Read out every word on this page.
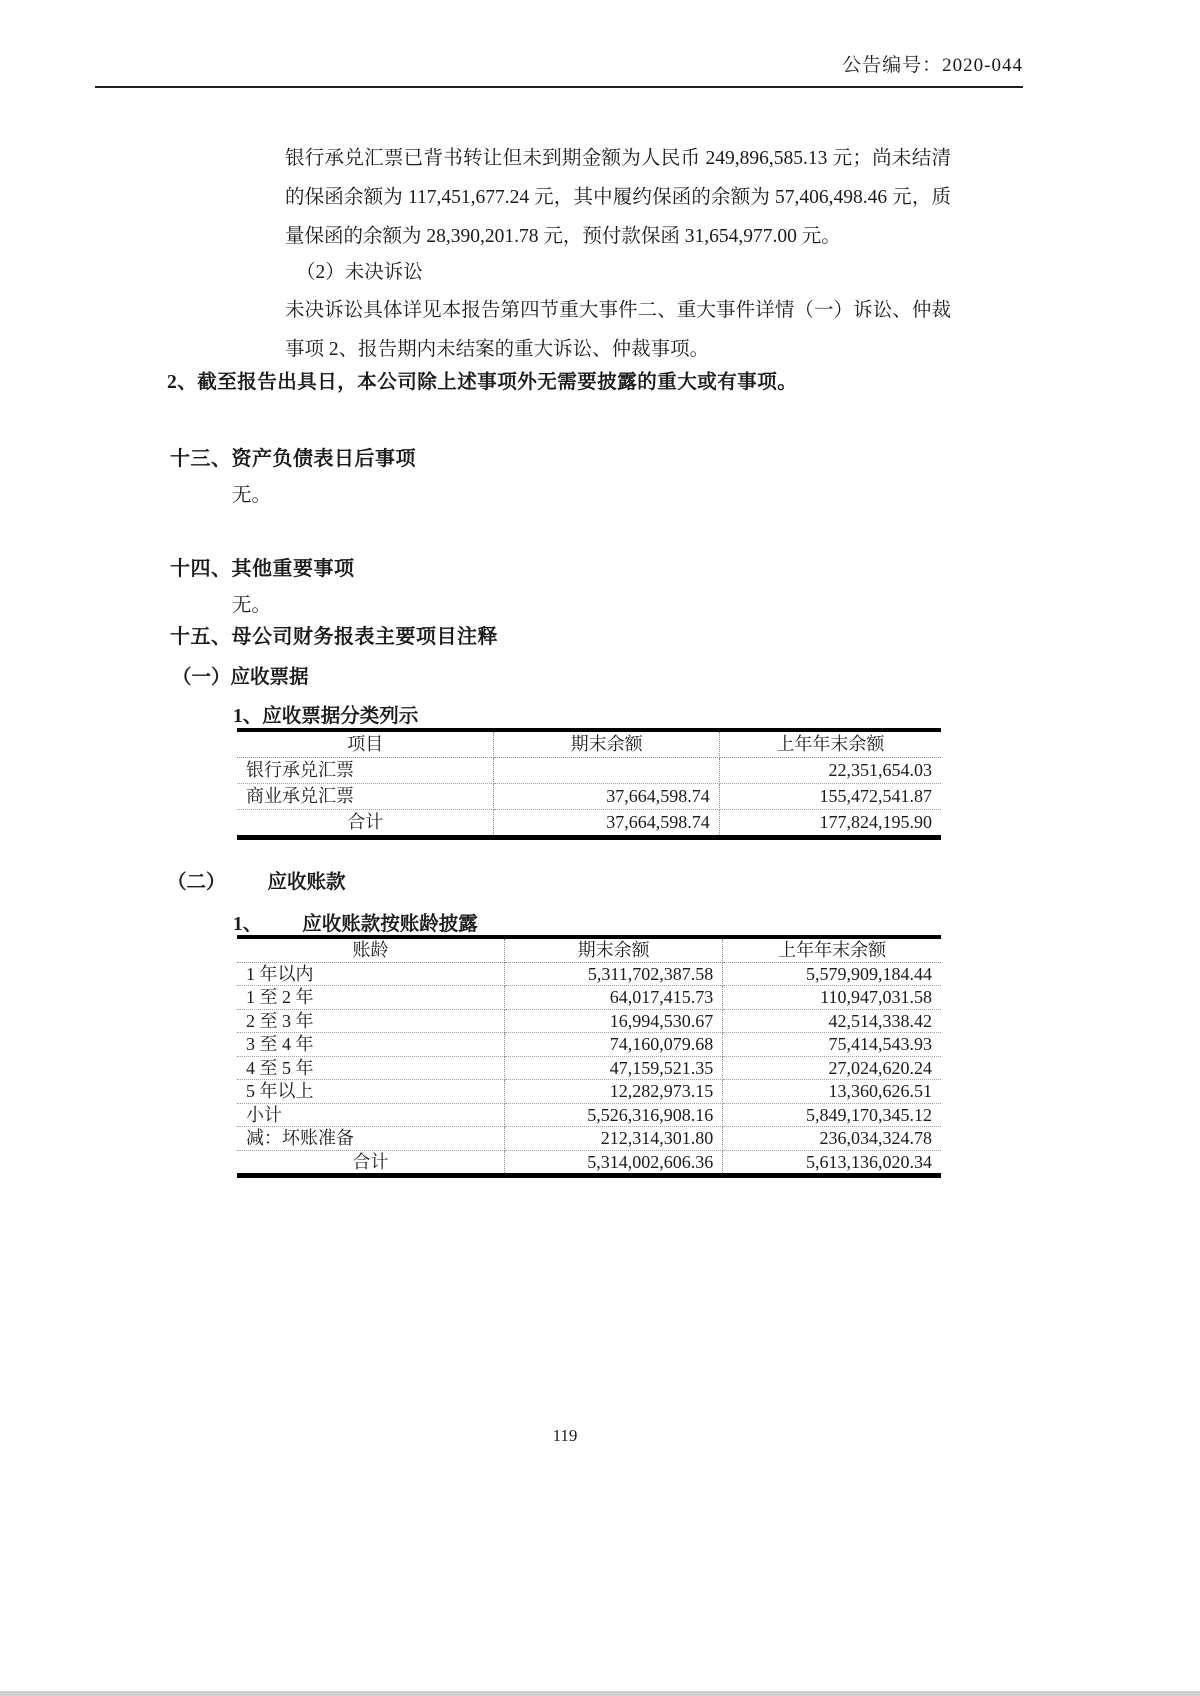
公告编号：2020-044

银行承兑汇票已背书转让但未到期金额为人民币 249,896,585.13 元；尚未结清的保函余额为 117,451,677.24 元，其中履约保函的余额为 57,406,498.46 元，质量保函的余额为 28,390,201.78 元，预付款保函 31,654,977.00 元。

（2）未决诉讼

未决诉讼具体详见本报告第四节重大事件二、重大事件详情（一）诉讼、仲裁事项 2、报告期内未结案的重大诉讼、仲裁事项。

2、截至报告出具日，本公司除上述事项外无需要披露的重大或有事项。

十三、资产负债表日后事项

无。

十四、其他重要事项

无。

十五、母公司财务报表主要项目注释
（一）应收票据
1、应收票据分类列示
项目	期末余额	上年年末余额
银行承兑汇票		22,351,654.03
商业承兑汇票	37,664,598.74	155,472,541.87
合计	37,664,598.74	177,824,195.90
（二） 应收账款
1、 应收账款按账龄披露
账龄	期末余额	上年年末余额
1 年以内	5,311,702,387.58	5,579,909,184.44
1 至 2 年	64,017,415.73	110,947,031.58
2 至 3 年	16,994,530.67	42,514,338.42
3 至 4 年	74,160,079.68	75,414,543.93
4 至 5 年	47,159,521.35	27,024,620.24
5 年以上	12,282,973.15	13,360,626.51
小计	5,526,316,908.16	5,849,170,345.12
减：坏账准备	212,314,301.80	236,034,324.78
合计	5,314,002,606.36	5,613,136,020.34
119
